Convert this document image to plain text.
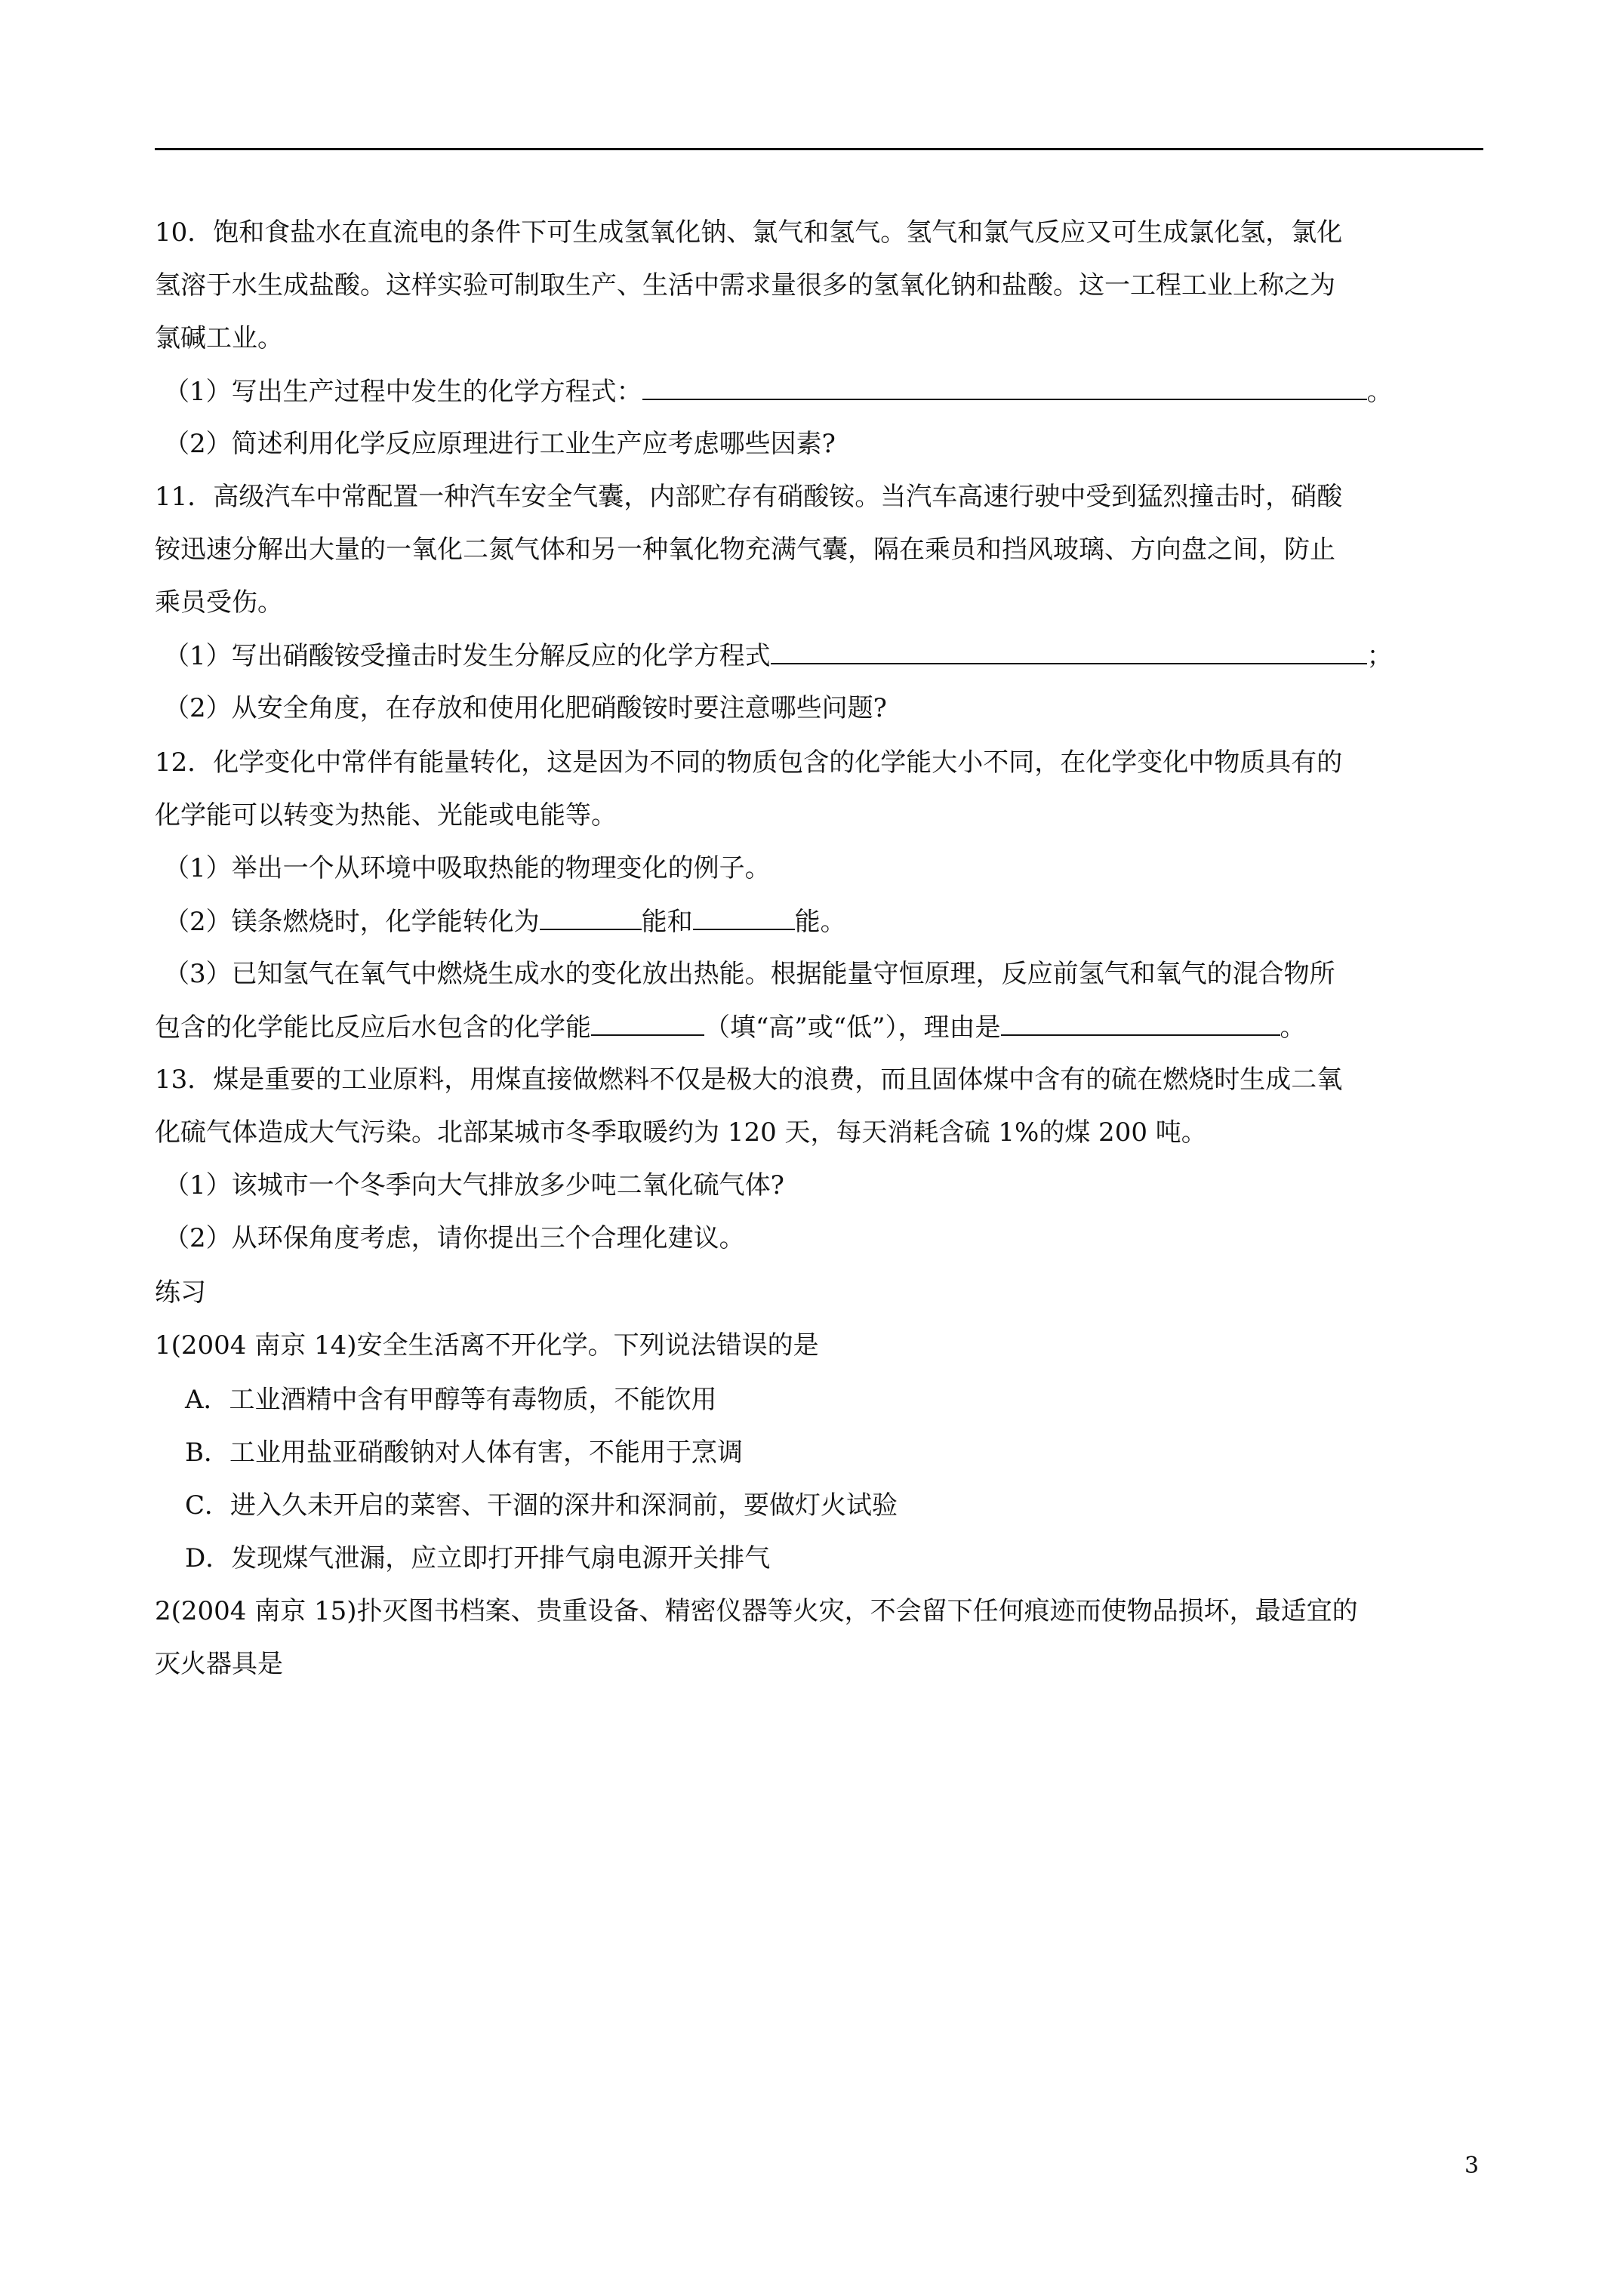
10．饱和食盐水在直流电的条件下可生成氢氧化钠、氯气和氢气。氢气和氯气反应又可生成氯化氢，氯化
氢溶于水生成盐酸。这样实验可制取生产、生活中需求量很多的氢氧化钠和盐酸。这一工程工业上称之为
氯碱工业。
（1）写出生产过程中发生的化学方程式：	。
（2）简述利用化学反应原理进行工业生产应考虑哪些因素?
11．高级汽车中常配置一种汽车安全气囊，内部贮存有硝酸铵。当汽车高速行驶中受到猛烈撞击时，硝酸
铵迅速分解出大量的一氧化二氮气体和另一种氧化物充满气囊，隔在乘员和挡风玻璃、方向盘之间，防止
乘员受伤。
（1）写出硝酸铵受撞击时发生分解反应的化学方程式	；
（2）从安全角度，在存放和使用化肥硝酸铵时要注意哪些问题?
12．化学变化中常伴有能量转化，这是因为不同的物质包含的化学能大小不同，在化学变化中物质具有的
化学能可以转变为热能、光能或电能等。
（1）举出一个从环境中吸取热能的物理变化的例子。
（2）镁条燃烧时，化学能转化为	能和	能。
（3）已知氢气在氧气中燃烧生成水的变化放出热能。根据能量守恒原理，反应前氢气和氧气的混合物所
包含的化学能比反应后水包含的化学能	（填“高”或“低”），理由是	。
13．煤是重要的工业原料，用煤直接做燃料不仅是极大的浪费，而且固体煤中含有的硫在燃烧时生成二氧
化硫气体造成大气污染。北部某城市冬季取暖约为 120 天，每天消耗含硫 1%的煤 200 吨。
（1）该城市一个冬季向大气排放多少吨二氧化硫气体?
（2）从环保角度考虑，请你提出三个合理化建议。
练习
1(2004 南京 14)安全生活离不开化学。下列说法错误的是
A．工业酒精中含有甲醇等有毒物质，不能饮用
B．工业用盐亚硝酸钠对人体有害，不能用于烹调
C．进入久未开启的菜窖、干涸的深井和深洞前，要做灯火试验
D．发现煤气泄漏，应立即打开排气扇电源开关排气
2(2004 南京 15)扑灭图书档案、贵重设备、精密仪器等火灾，不会留下任何痕迹而使物品损坏，最适宜的
灭火器具是
3
